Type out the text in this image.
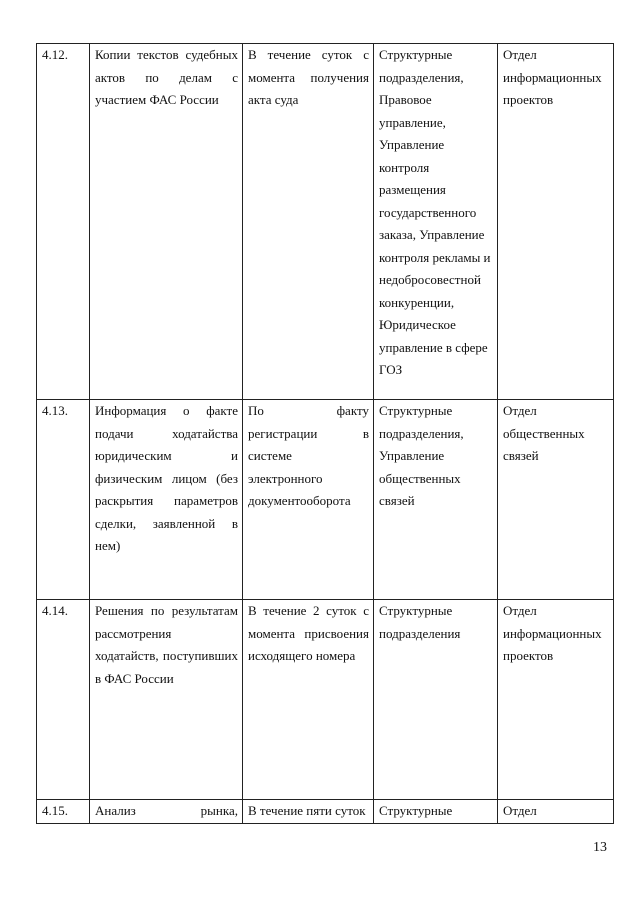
4.12.	Копии текстов судебных актов по делам с участием ФАС России	В течение суток с момента получения акта суда	Структурные подразделения, Правовое управление, Управление контроля размещения государственного заказа, Управление контроля рекламы и недобросовестной конкуренции, Юридическое управление в сфере ГОЗ	Отдел информационных проектов
4.13.	Информация о факте подачи ходатайства юридическим и физическим лицом (без раскрытия параметров сделки, заявленной в нем)	По факту регистрации в системе электронного документооборота	Структурные подразделения, Управление общественных связей	Отдел общественных связей
4.14.	Решения по результатам рассмотрения ходатайств, поступивших в ФАС России	В течение 2 суток с момента присвоения исходящего номера	Структурные подразделения	Отдел информационных проектов
4.15.	Анализ рынка,	В течение пяти суток	Структурные	Отдел
13
